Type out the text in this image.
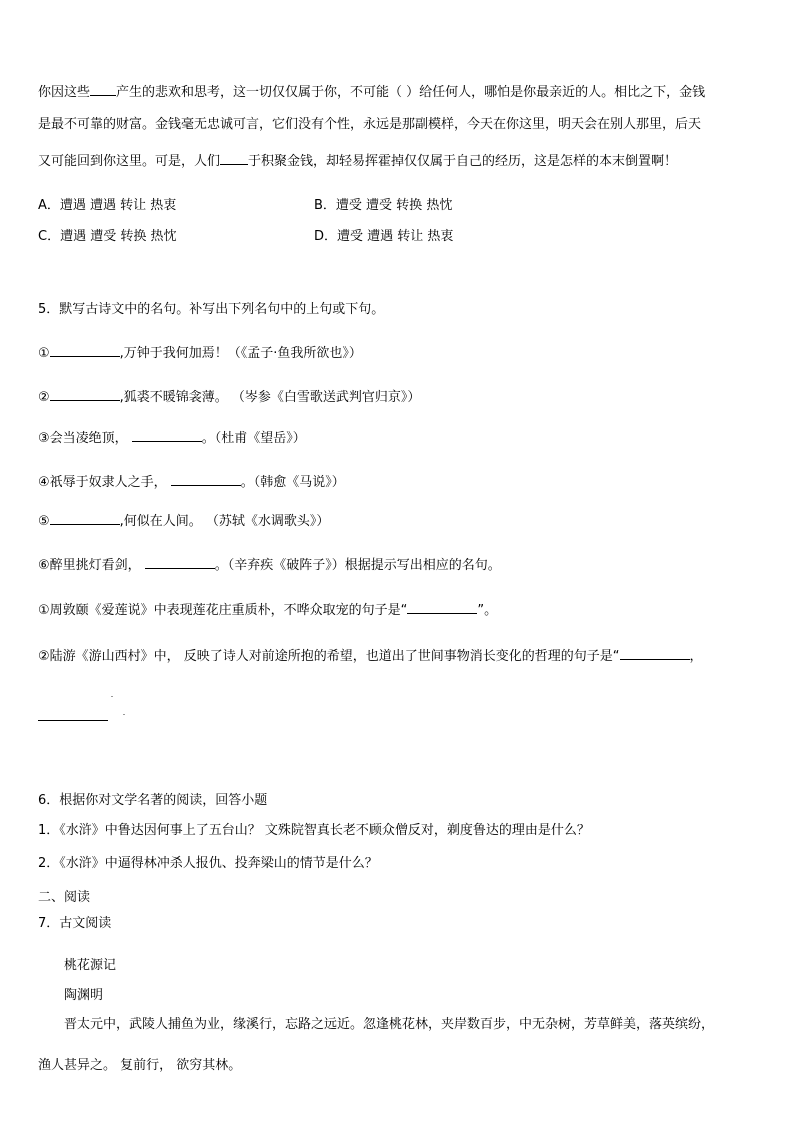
你因这些 产生的悲欢和思考，这一切仅仅属于你，不可能（ ）给任何人，哪怕是你最亲近的人。相比之下，金钱
是最不可靠的财富。金钱毫无忠诚可言，它们没有个性，永远是那副模样，今天在你这里，明天会在别人那里，后天
又可能回到你这里。可是，人们 于积聚金钱，却轻易挥霍掉仅仅属于自己的经历，这是怎样的本末倒置啊！
A．遭遇 遭遇 转让 热衷	B．遭受 遭受 转换 热忱
C．遭遇 遭受 转换 热忱	D．遭受 遭遇 转让 热衷
5．默写古诗文中的名句。补写出下列名句中的上句或下句。
①	,万钟于我何加焉！（《孟子·鱼我所欲也》）
②	,狐裘不暖锦衾薄。 （岑参《白雪歌送武判官归京》）
③会当凌绝顶，	。（杜甫《望岳》）
④祇辱于奴隶人之手，	。（韩愈《马说》）
⑤	,何似在人间。 （苏轼《水调歌头》）
⑥醉里挑灯看剑，	。（辛弃疾《破阵子》）根据提示写出相应的名句。
①周敦颐《爱莲说》中表现莲花庄重质朴，不哗众取宠的句子是“	”。
②陆游《游山西村》中， 反映了诗人对前途所抱的希望，也道出了世间事物消长变化的哲理的句子是“	，
6．根据你对文学名著的阅读，回答小题
1．《水浒》中鲁达因何事上了五台山？ 文殊院智真长老不顾众僧反对，剃度鲁达的理由是什么？
2．《水浒》中逼得林冲杀人报仇、投奔梁山的情节是什么？
二、阅读
7．古文阅读
桃花源记
陶渊明
晋太元中，武陵人捕鱼为业，缘溪行，忘路之远近。忽逢桃花林，夹岸数百步，中无杂树，芳草鲜美，落英缤纷，
渔人甚异之。 复前行， 欲穷其林。
